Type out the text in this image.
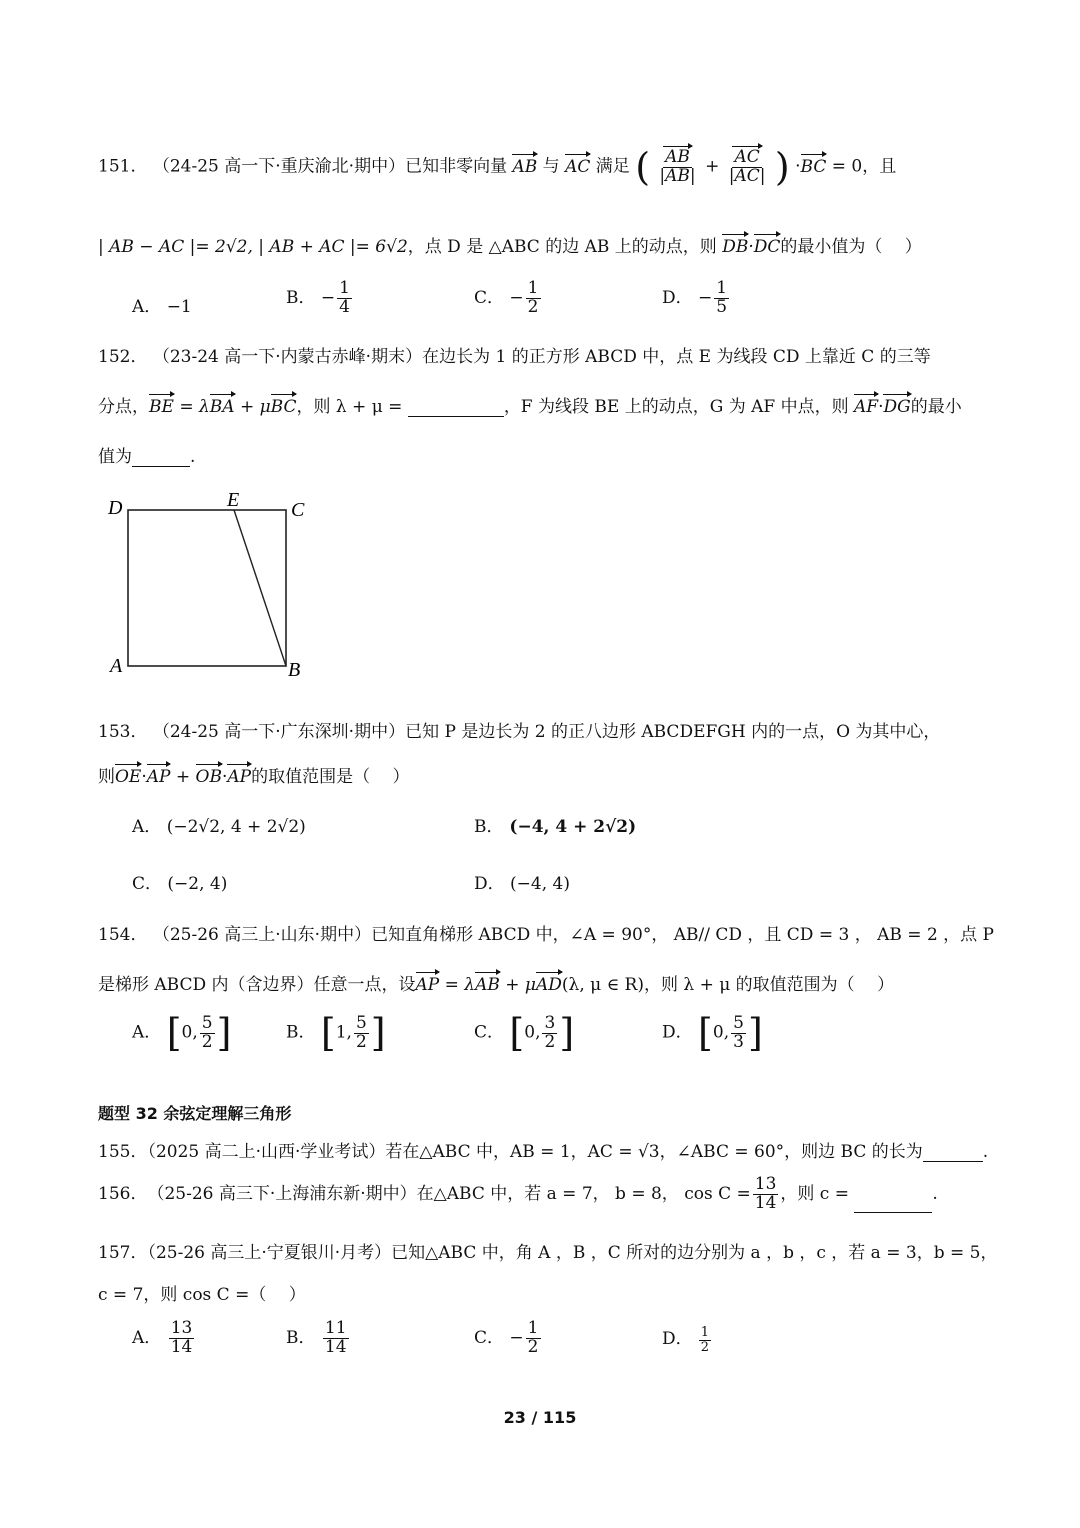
151． （24-25 高一下·重庆渝北·期中）已知非零向量 AB 与 AC 满足 ( $\frac{AB}{|AB|} + \frac{AC}{|AC|}$ ) ·BC = 0，且
| AB − AC |= 2√2, | AB + AC |= 6√2，点 D 是 △ABC 的边 AB 上的动点，则 DB·DC的最小值为（　 ）
A． −1	B． − $\frac{1}{4}$	C． − $\frac{1}{2}$	D． − $\frac{1}{5}$
152． （23-24 高一下·内蒙古赤峰·期末）在边长为 1 的正方形 ABCD 中，点 E 为线段 CD 上靠近 C 的三等
分点，BE = λBA + μBC，则 λ + μ =	，F 为线段 BE 上的动点，G 为 AF 中点，则 AF·DG的最小
值为	.
D	E	C
A	B
153． （24-25 高一下·广东深圳·期中）已知 P 是边长为 2 的正八边形 ABCDEFGH 内的一点，O 为其中心，
则OE·AP + OB·AP的取值范围是（　 ）
A． (−2√2, 4 + 2√2)	B． (−4, 4 + 2√2)
C． (−2, 4)	D． (−4, 4)
154． （25-26 高三上·山东·期中）已知直角梯形 ABCD 中，∠A = 90°， AB// CD ，且 CD = 3 ， AB = 2 ，点 P
是梯形 ABCD 内（含边界）任意一点，设AP = λAB + μAD(λ, μ ∈ R)，则 λ + μ 的取值范围为（　 ）
A． [0, $\frac{5}{2}$ ]	B． [1, $\frac{5}{2}$ ]	C． [0, $\frac{3}{2}$ ]	D． [0, $\frac{5}{3}$ ]
题型 32 余弦定理解三角形
155．（2025 高二上·山西·学业考试）若在△ABC 中，AB = 1，AC = √3，∠ABC = 60°，则边 BC 的长为	.
156．　（25-26 高三下·上海浦东新·期中）在△ABC 中，若 a = 7， b = 8， $\cos C = \frac{13}{14}$ ，则 c =	.
157．（25-26 高三上·宁夏银川·月考）已知△ABC 中，角 A ，B ，C 所对的边分别为 a ，b ，c ，若 a = 3，b = 5，
c = 7，则 cos C =（　 ）
A． $\frac{13}{14}$	B． $\frac{11}{14}$	C． − $\frac{1}{2}$	D． $\frac{1}{2}$
23 / 115
